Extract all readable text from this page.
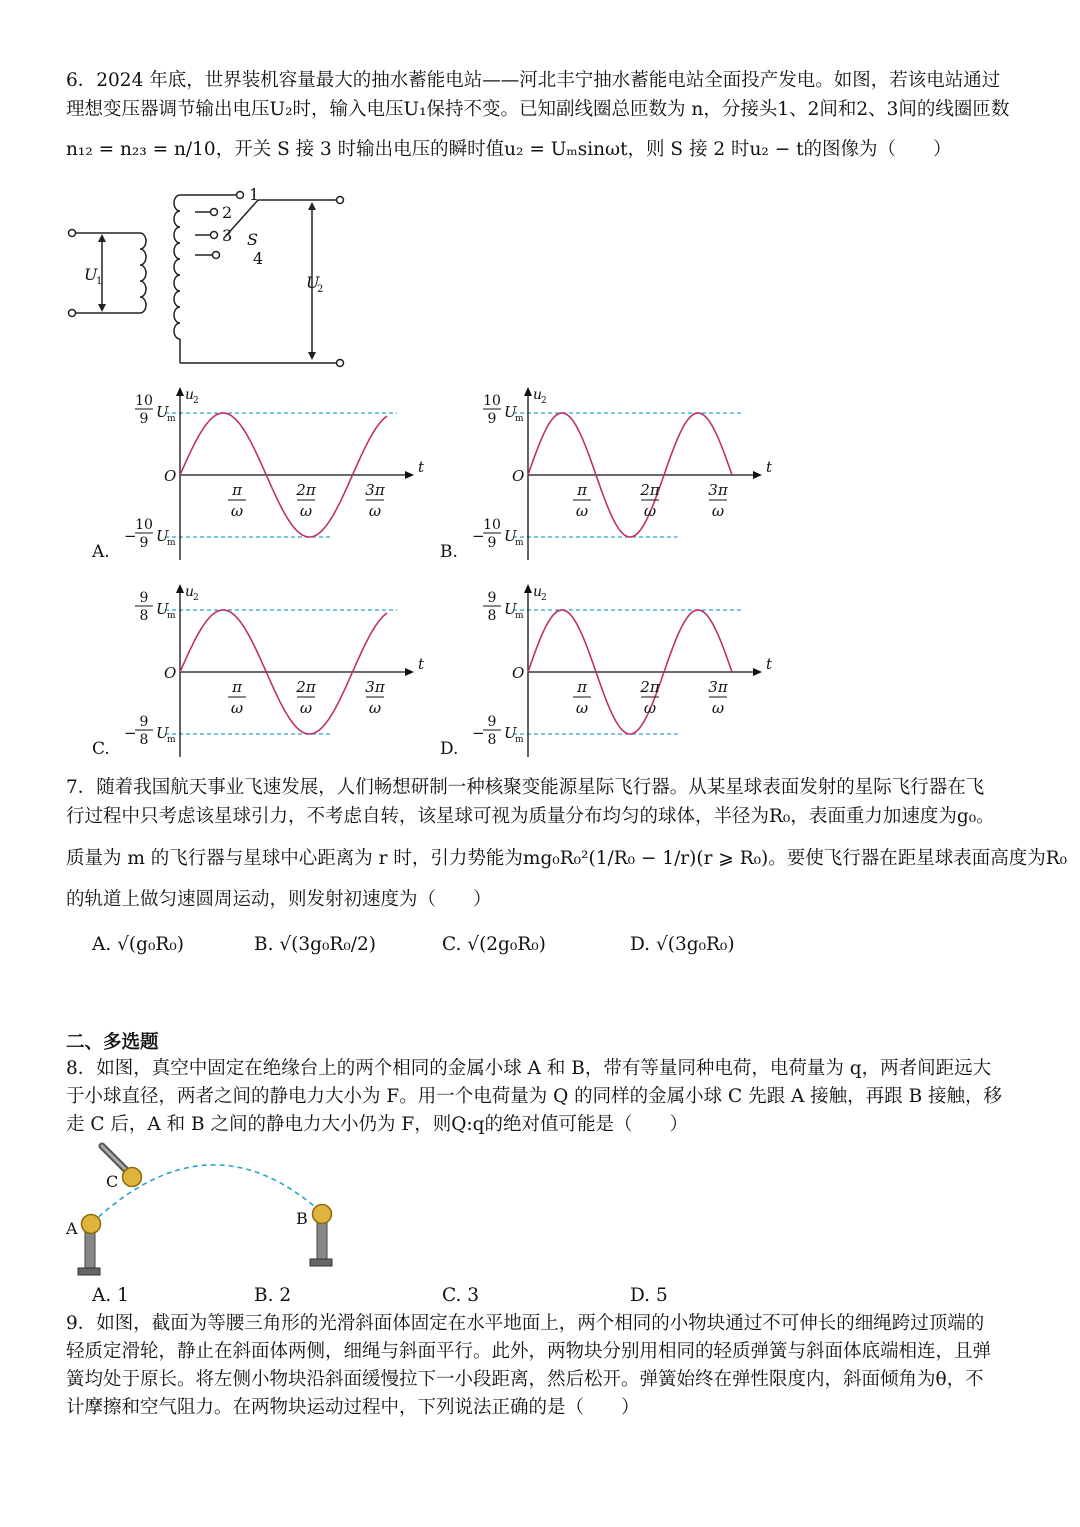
6．2024 年底，世界装机容量最大的抽水蓄能电站——河北丰宁抽水蓄能电站全面投产发电。如图，若该电站通过
理想变压器调节输出电压U₂时，输入电压U₁保持不变。已知副线圈总匝数为 n，分接头1、2间和2、3间的线圈匝数
n₁₂ = n₂₃ = n/10，开关 S 接 3 时输出电压的瞬时值u₂ = Uₘsinωt，则 S 接 2 时u₂ − t的图像为（　　）
1
2
3
4
S
U
1	U
2
π
ω
2π
ω
3π
ω
O
u
2
t
10
9 U
m
−
10
9 U
m
A.
π
ω
2π
ω
3π
ω
O
u
2
t
10
9 U
m
−
10
9 U
m
B.
π
ω
2π
ω
3π
ω
O
u
2
t
9
8 U
m
−
9
8 U
m
C.
π
ω
2π
ω
3π
ω
O
u
2
t
9
8 U
m
−
9
8 U
m
D.
7．随着我国航天事业飞速发展，人们畅想研制一种核聚变能源星际飞行器。从某星球表面发射的星际飞行器在飞
行过程中只考虑该星球引力，不考虑自转，该星球可视为质量分布均匀的球体，半径为R₀，表面重力加速度为g₀。
质量为 m 的飞行器与星球中心距离为 r 时，引力势能为mg₀R₀²(1/R₀ − 1/r)(r ⩾ R₀)。要使飞行器在距星球表面高度为R₀
的轨道上做匀速圆周运动，则发射初速度为（　　）
A. √(g₀R₀)	B. √(3g₀R₀/2)	C. √(2g₀R₀)	D. √(3g₀R₀)
二、多选题
8．如图，真空中固定在绝缘台上的两个相同的金属小球 A 和 B，带有等量同种电荷，电荷量为 q，两者间距远大
于小球直径，两者之间的静电力大小为 F。用一个电荷量为 Q 的同样的金属小球 C 先跟 A 接触，再跟 B 接触，移
走 C 后，A 和 B 之间的静电力大小仍为 F，则Q:q的绝对值可能是（　　）
A
B
C
A. 1	B. 2	C. 3	D. 5
9．如图，截面为等腰三角形的光滑斜面体固定在水平地面上，两个相同的小物块通过不可伸长的细绳跨过顶端的
轻质定滑轮，静止在斜面体两侧，细绳与斜面平行。此外，两物块分别用相同的轻质弹簧与斜面体底端相连，且弹
簧均处于原长。将左侧小物块沿斜面缓慢拉下一小段距离，然后松开。弹簧始终在弹性限度内，斜面倾角为θ，不
计摩擦和空气阻力。在两物块运动过程中，下列说法正确的是（　　）
